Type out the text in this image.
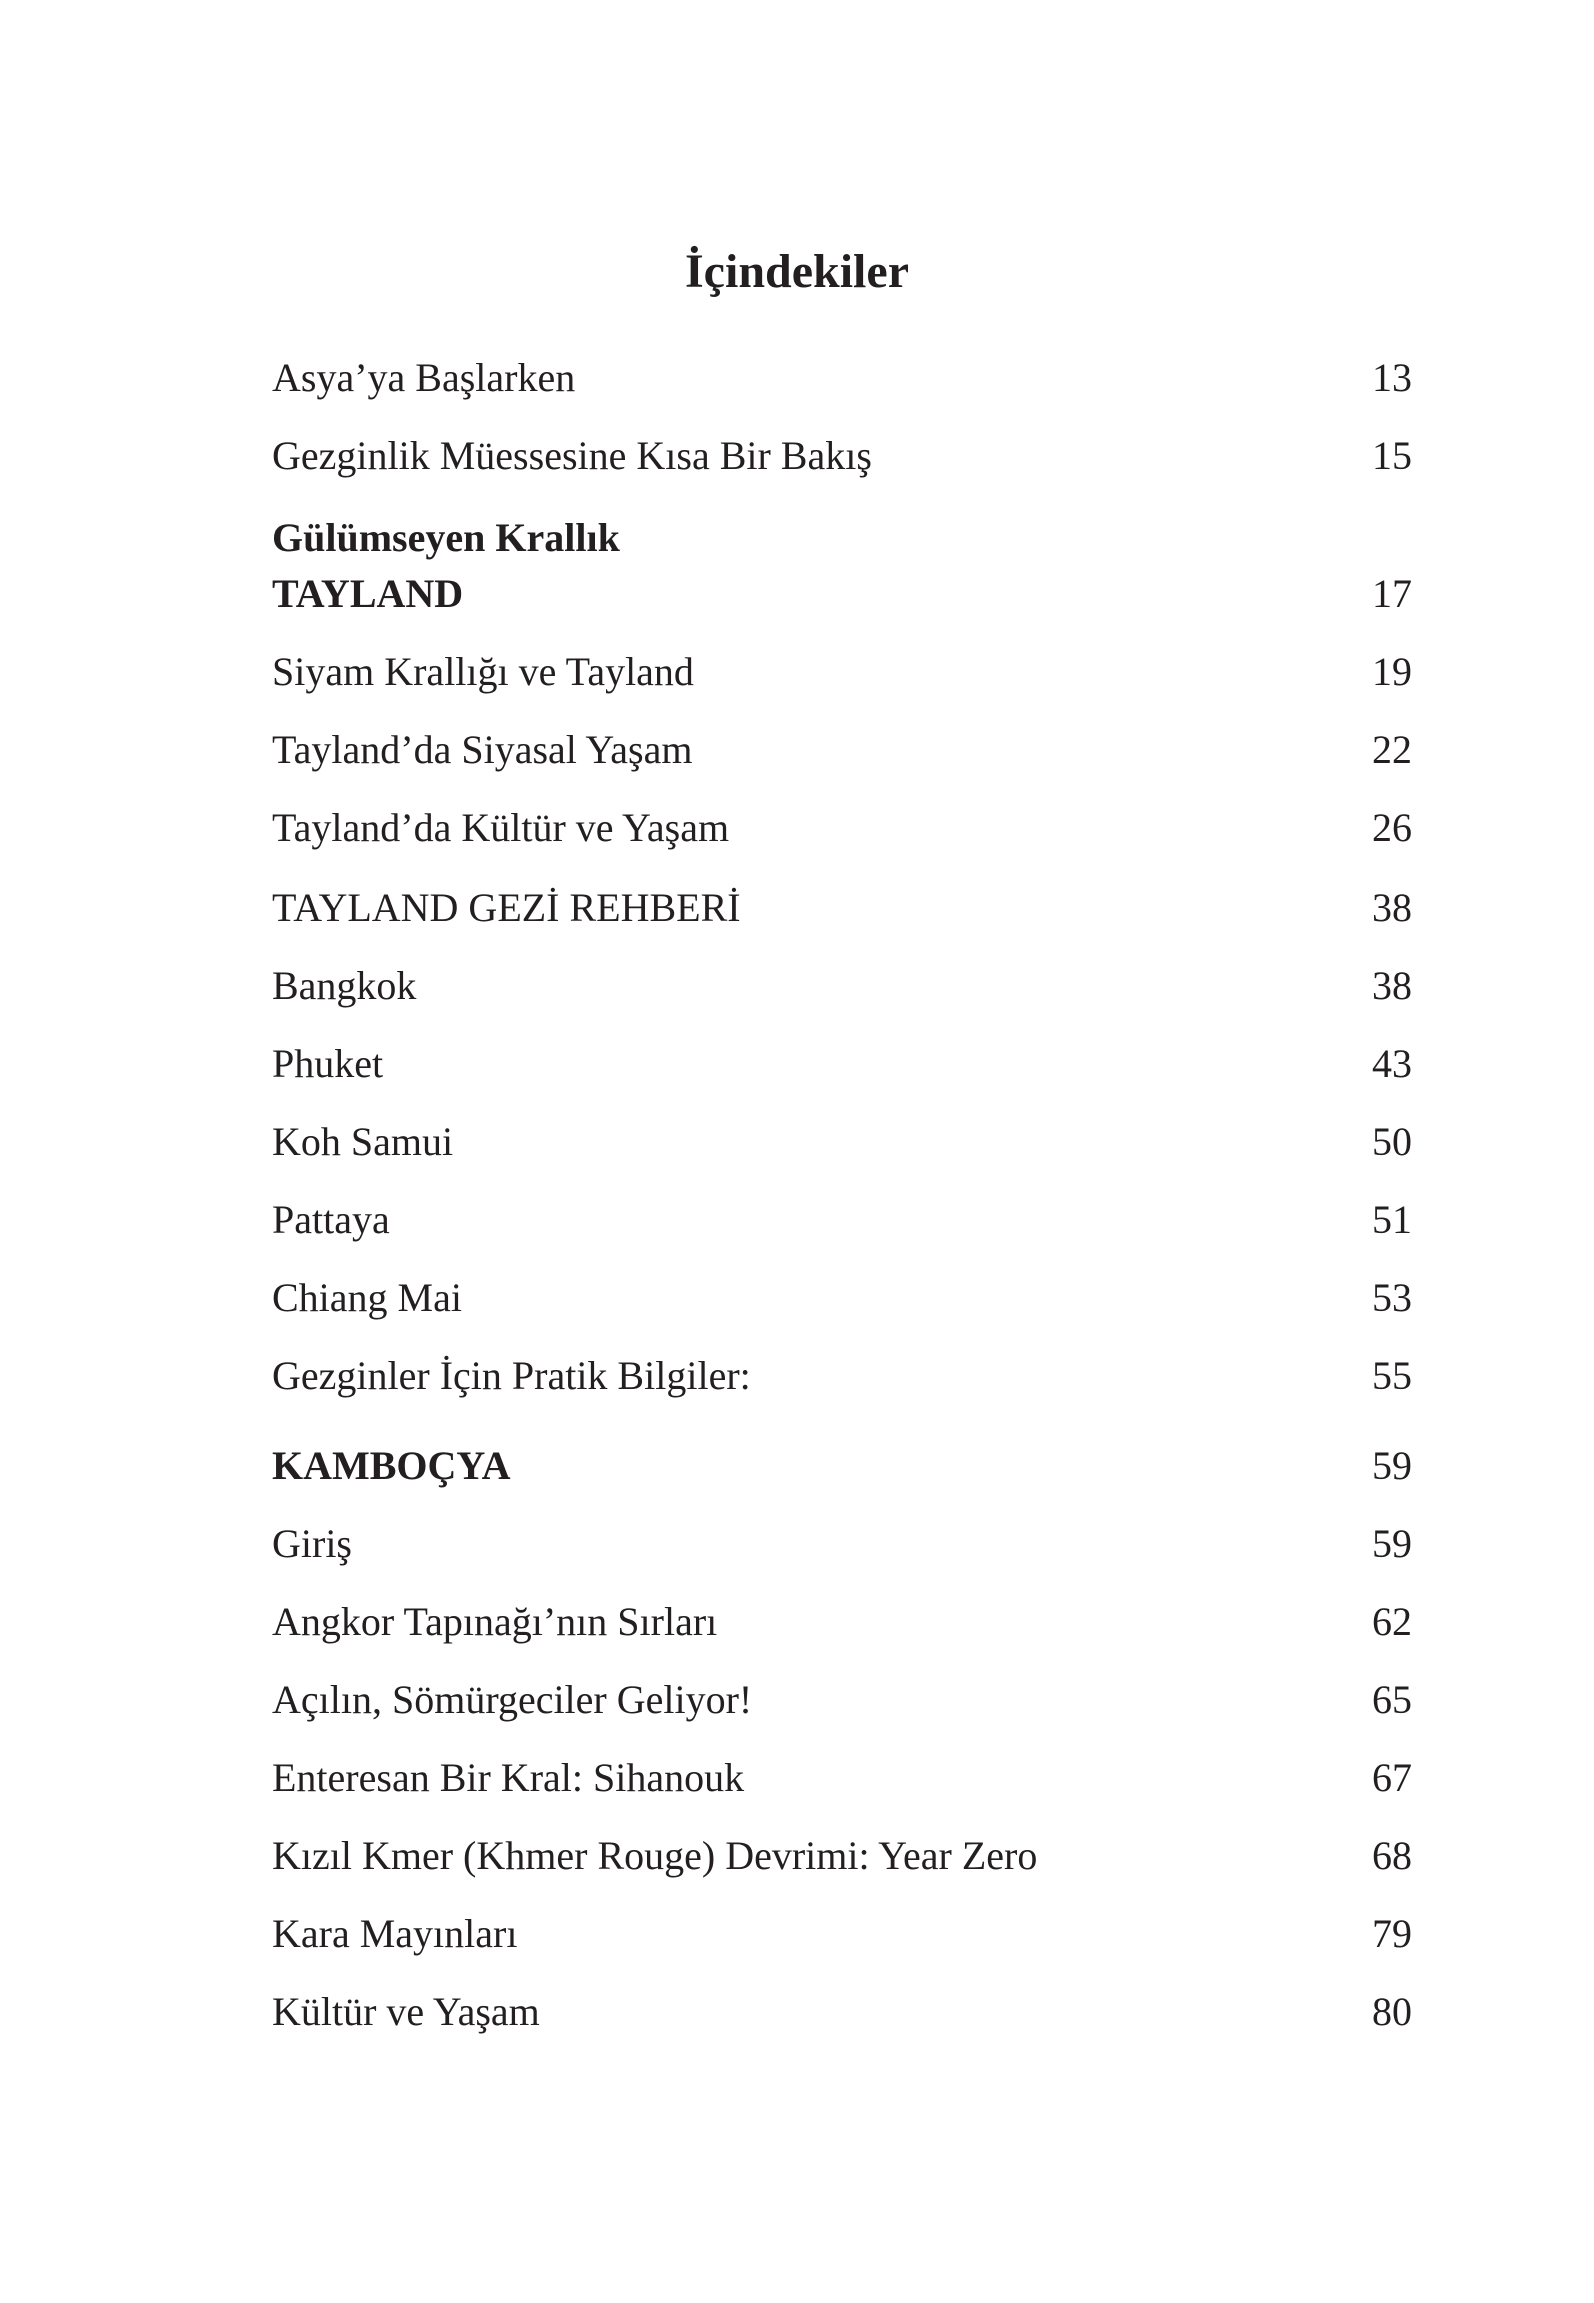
İçindekiler
Asya’ya Başlarken	13
Gezginlik Müessesine Kısa Bir Bakış	15
Gülümseyen Krallık
TAYLAND	17
Siyam Krallığı ve Tayland	19
Tayland’da Siyasal Yaşam	22
Tayland’da Kültür ve Yaşam	26
TAYLAND GEZİ REHBERİ	38
Bangkok	38
Phuket	43
Koh Samui	50
Pattaya	51
Chiang Mai	53
Gezginler İçin Pratik Bilgiler:	55
KAMBOÇYA	59
Giriş	59
Angkor Tapınağı’nın Sırları	62
Açılın, Sömürgeciler Geliyor!	65
Enteresan Bir Kral: Sihanouk	67
Kızıl Kmer (Khmer Rouge) Devrimi: Year Zero	68
Kara Mayınları	79
Kültür ve Yaşam	80
